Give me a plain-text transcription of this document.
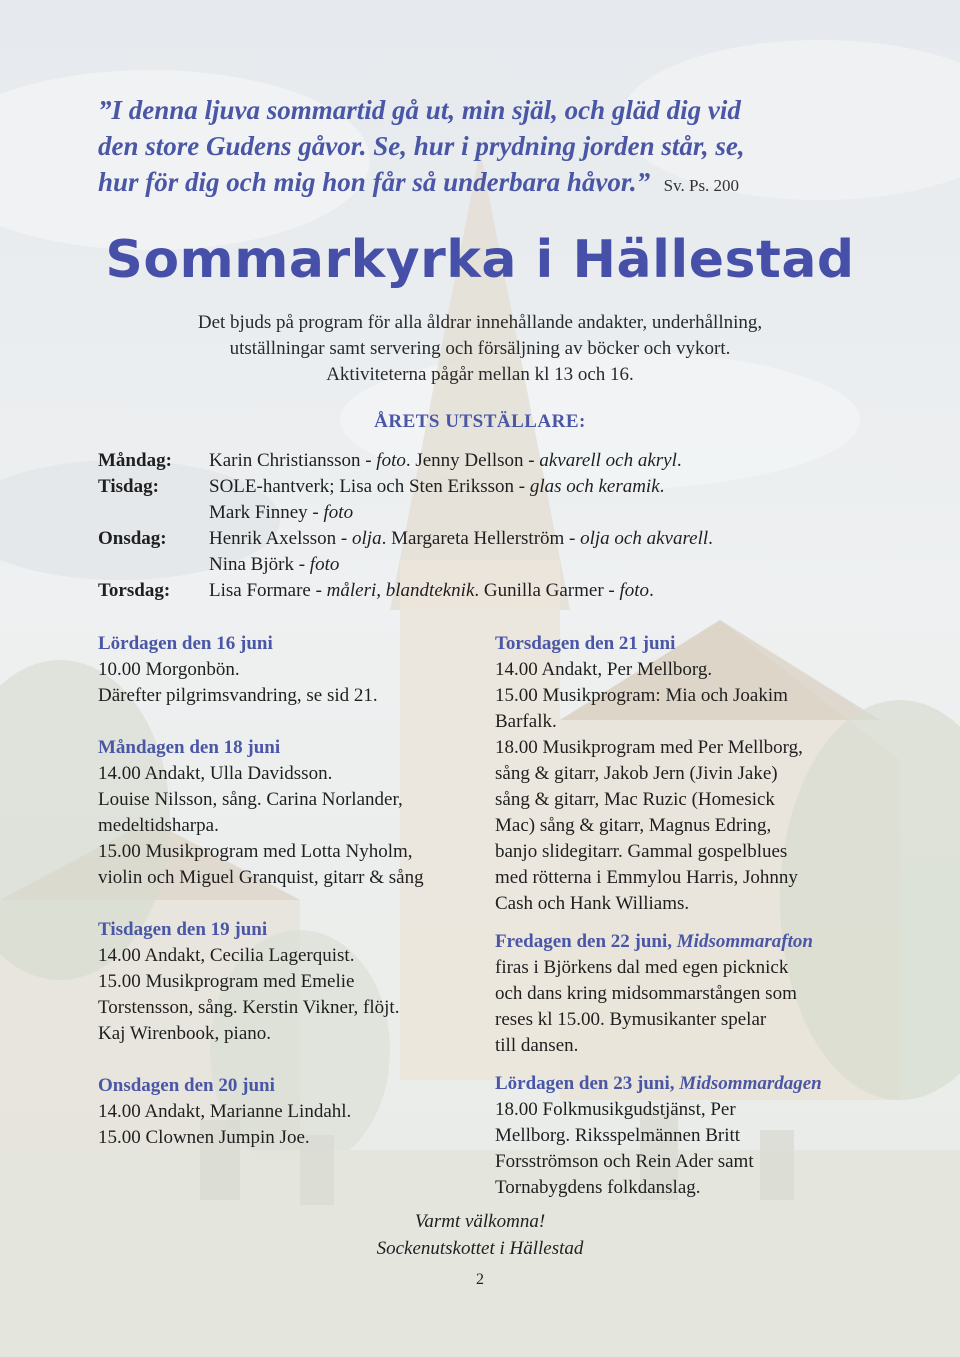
”I denna ljuva sommartid gå ut, min själ, och gläd dig vid
den store Gudens gåvor. Se, hur i prydning jorden står, se,
hur för dig och mig hon får så underbara håvor.” Sv. Ps. 200
Sommarkyrka i Hällestad
Det bjuds på program för alla åldrar innehållande andakter, underhållning,
utställningar samt servering och försäljning av böcker och vykort.
Aktiviteterna pågår mellan kl 13 och 16.
ÅRETS UTSTÄLLARE:
Måndag: Karin Christiansson - foto. Jenny Dellson - akvarell och akryl.
Tisdag:	SOLE-hantverk; Lisa och Sten Eriksson - glas och keramik.
Mark Finney - foto
Onsdag: Henrik Axelsson - olja. Margareta Hellerström - olja och akvarell.
Nina Björk - foto
Torsdag: Lisa Formare - måleri, blandteknik. Gunilla Garmer - foto.
Lördagen den 16 juni
10.00 Morgonbön.
Därefter pilgrimsvandring, se sid 21.
Måndagen den 18 juni
14.00 Andakt, Ulla Davidsson.
Louise Nilsson, sång. Carina Norlander,
medeltidsharpa.
15.00 Musikprogram med Lotta Nyholm,
violin och Miguel Granquist, gitarr & sång
Tisdagen den 19 juni
14.00 Andakt, Cecilia Lagerquist.
15.00 Musikprogram med Emelie
Torstensson, sång. Kerstin Vikner, flöjt.
Kaj Wirenbook, piano.
Onsdagen den 20 juni
14.00 Andakt, Marianne Lindahl.
15.00 Clownen Jumpin Joe.
Torsdagen den 21 juni
14.00 Andakt, Per Mellborg.
15.00 Musikprogram: Mia och Joakim
Barfalk.
18.00 Musikprogram med Per Mellborg,
sång & gitarr, Jakob Jern (Jivin Jake)
sång & gitarr, Mac Ruzic (Homesick
Mac) sång & gitarr, Magnus Edring,
banjo slidegitarr. Gammal gospelblues
med rötterna i Emmylou Harris, Johnny
Cash och Hank Williams.
Fredagen den 22 juni, Midsommarafton
firas i Björkens dal med egen picknick
och dans kring midsommarstången som
reses kl 15.00. Bymusikanter spelar
till dansen.
Lördagen den 23 juni, Midsommardagen
18.00 Folkmusikgudstjänst, Per
Mellborg. Riksspelmännen Britt
Forsströmson och Rein Ader samt
Tornabygdens folkdanslag.
Varmt välkomna!
Sockenutskottet i Hällestad
2
